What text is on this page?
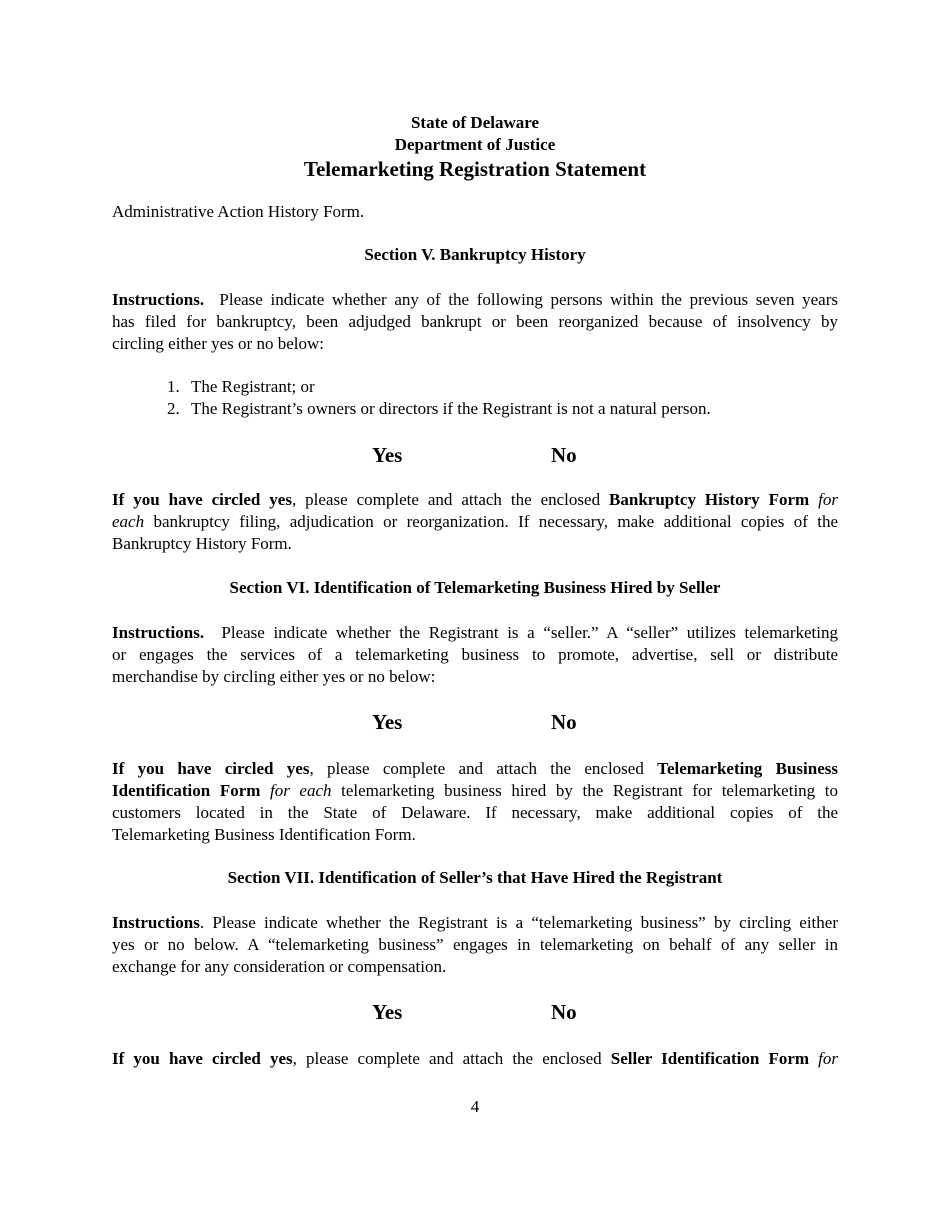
State of Delaware
Department of Justice
Telemarketing Registration Statement
Administrative Action History Form.
Section V. Bankruptcy History
Instructions. Please indicate whether any of the following persons within the previous seven years
has filed for bankruptcy, been adjudged bankrupt or been reorganized because of insolvency by
circling either yes or no below:
1. The Registrant; or
2. The Registrant’s owners or directors if the Registrant is not a natural person.
Yes	No
If you have circled yes, please complete and attach the enclosed Bankruptcy History Form for
each bankruptcy filing, adjudication or reorganization. If necessary, make additional copies of the
Bankruptcy History Form.
Section VI. Identification of Telemarketing Business Hired by Seller
Instructions. Please indicate whether the Registrant is a “seller.” A “seller” utilizes telemarketing
or engages the services of a telemarketing business to promote, advertise, sell or distribute
merchandise by circling either yes or no below:
Yes	No
If you have circled yes, please complete and attach the enclosed Telemarketing Business
Identification Form for each telemarketing business hired by the Registrant for telemarketing to
customers located in the State of Delaware. If necessary, make additional copies of the
Telemarketing Business Identification Form.
Section VII. Identification of Seller’s that Have Hired the Registrant
Instructions. Please indicate whether the Registrant is a “telemarketing business” by circling either
yes or no below. A “telemarketing business” engages in telemarketing on behalf of any seller in
exchange for any consideration or compensation.
Yes	No
If you have circled yes, please complete and attach the enclosed Seller Identification Form for
4
